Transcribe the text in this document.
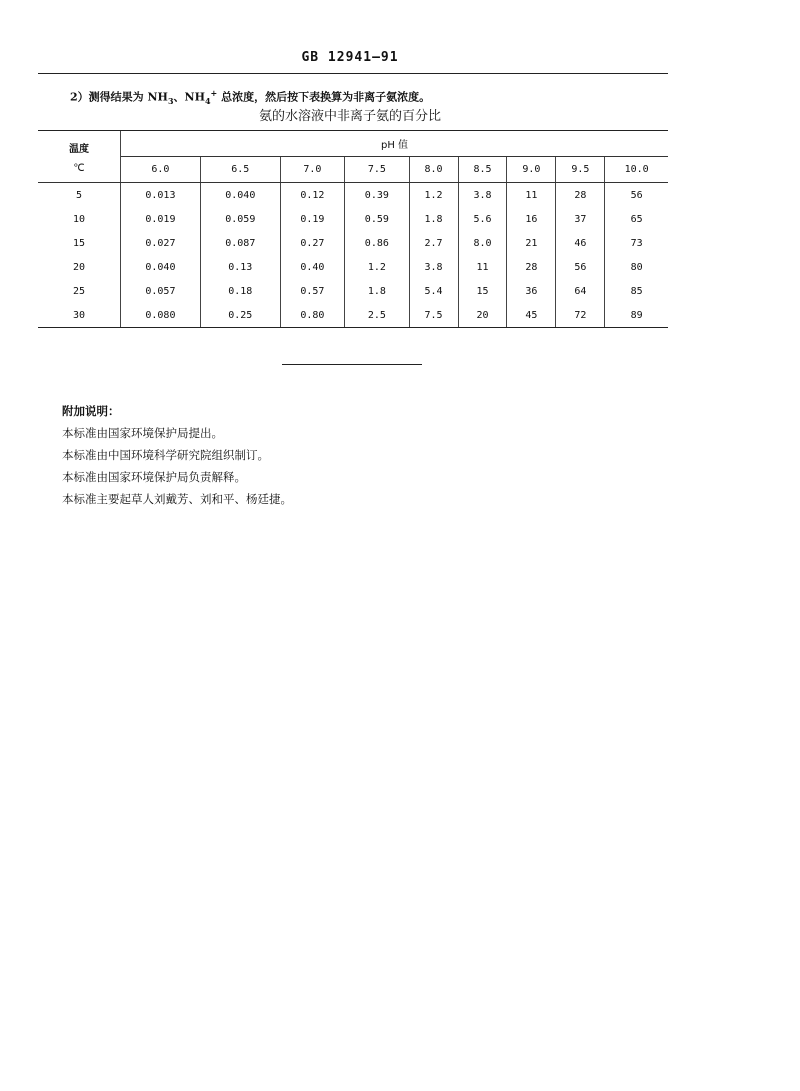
GB 12941—91
2）测得结果为 $NH_3$、$NH_4^+$ 总浓度，然后按下表换算为非离子氨浓度。
氨的水溶液中非离子氨的百分比
温度
℃	pH 值								
	6.0	6.5	7.0	7.5	8.0	8.5	9.0	9.5	10.0
5	0.013	0.040	0.12	0.39	1.2	3.8	11	28	56
10	0.019	0.059	0.19	0.59	1.8	5.6	16	37	65
15	0.027	0.087	0.27	0.86	2.7	8.0	21	46	73
20	0.040	0.13	0.40	1.2	3.8	11	28	56	80
25	0.057	0.18	0.57	1.8	5.4	15	36	64	85
30	0.080	0.25	0.80	2.5	7.5	20	45	72	89
附加说明：
本标准由国家环境保护局提出。
本标准由中国环境科学研究院组织制订。
本标准由国家环境保护局负责解释。
本标准主要起草人刘戴芳、刘和平、杨廷捷。
